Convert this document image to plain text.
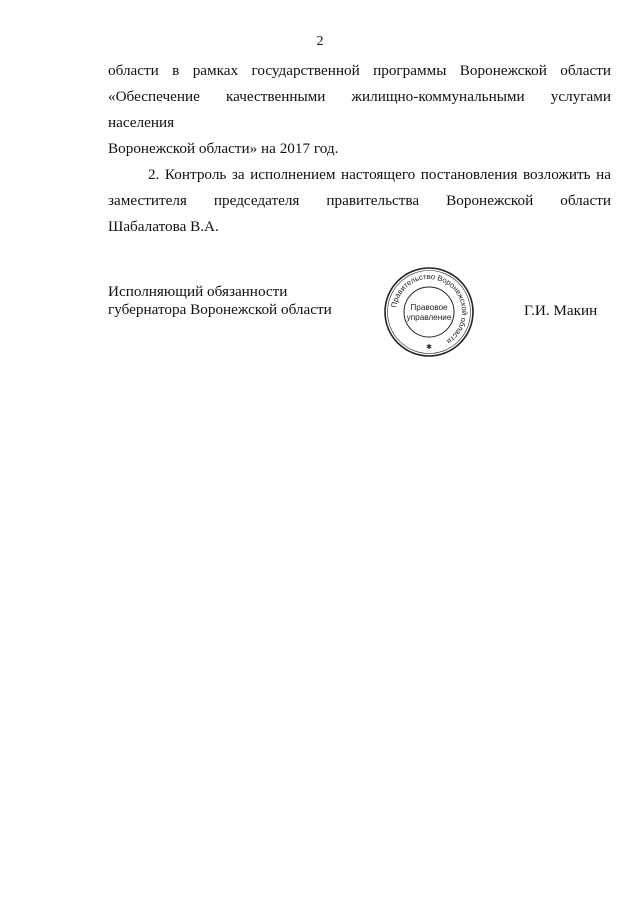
2

области в рамках государственной программы Воронежской области

«Обеспечение качественными жилищно-коммунальными услугами населения

Воронежской области» на 2017 год.

2. Контроль за исполнением настоящего постановления возложить на

заместителя председателя правительства Воронежской области

Шабалатова В.А.

Исполняющий обязанности
губернатора Воронежской области	Правительство Воронежской области
Правовое
управление
✱
Г.И. Макин
